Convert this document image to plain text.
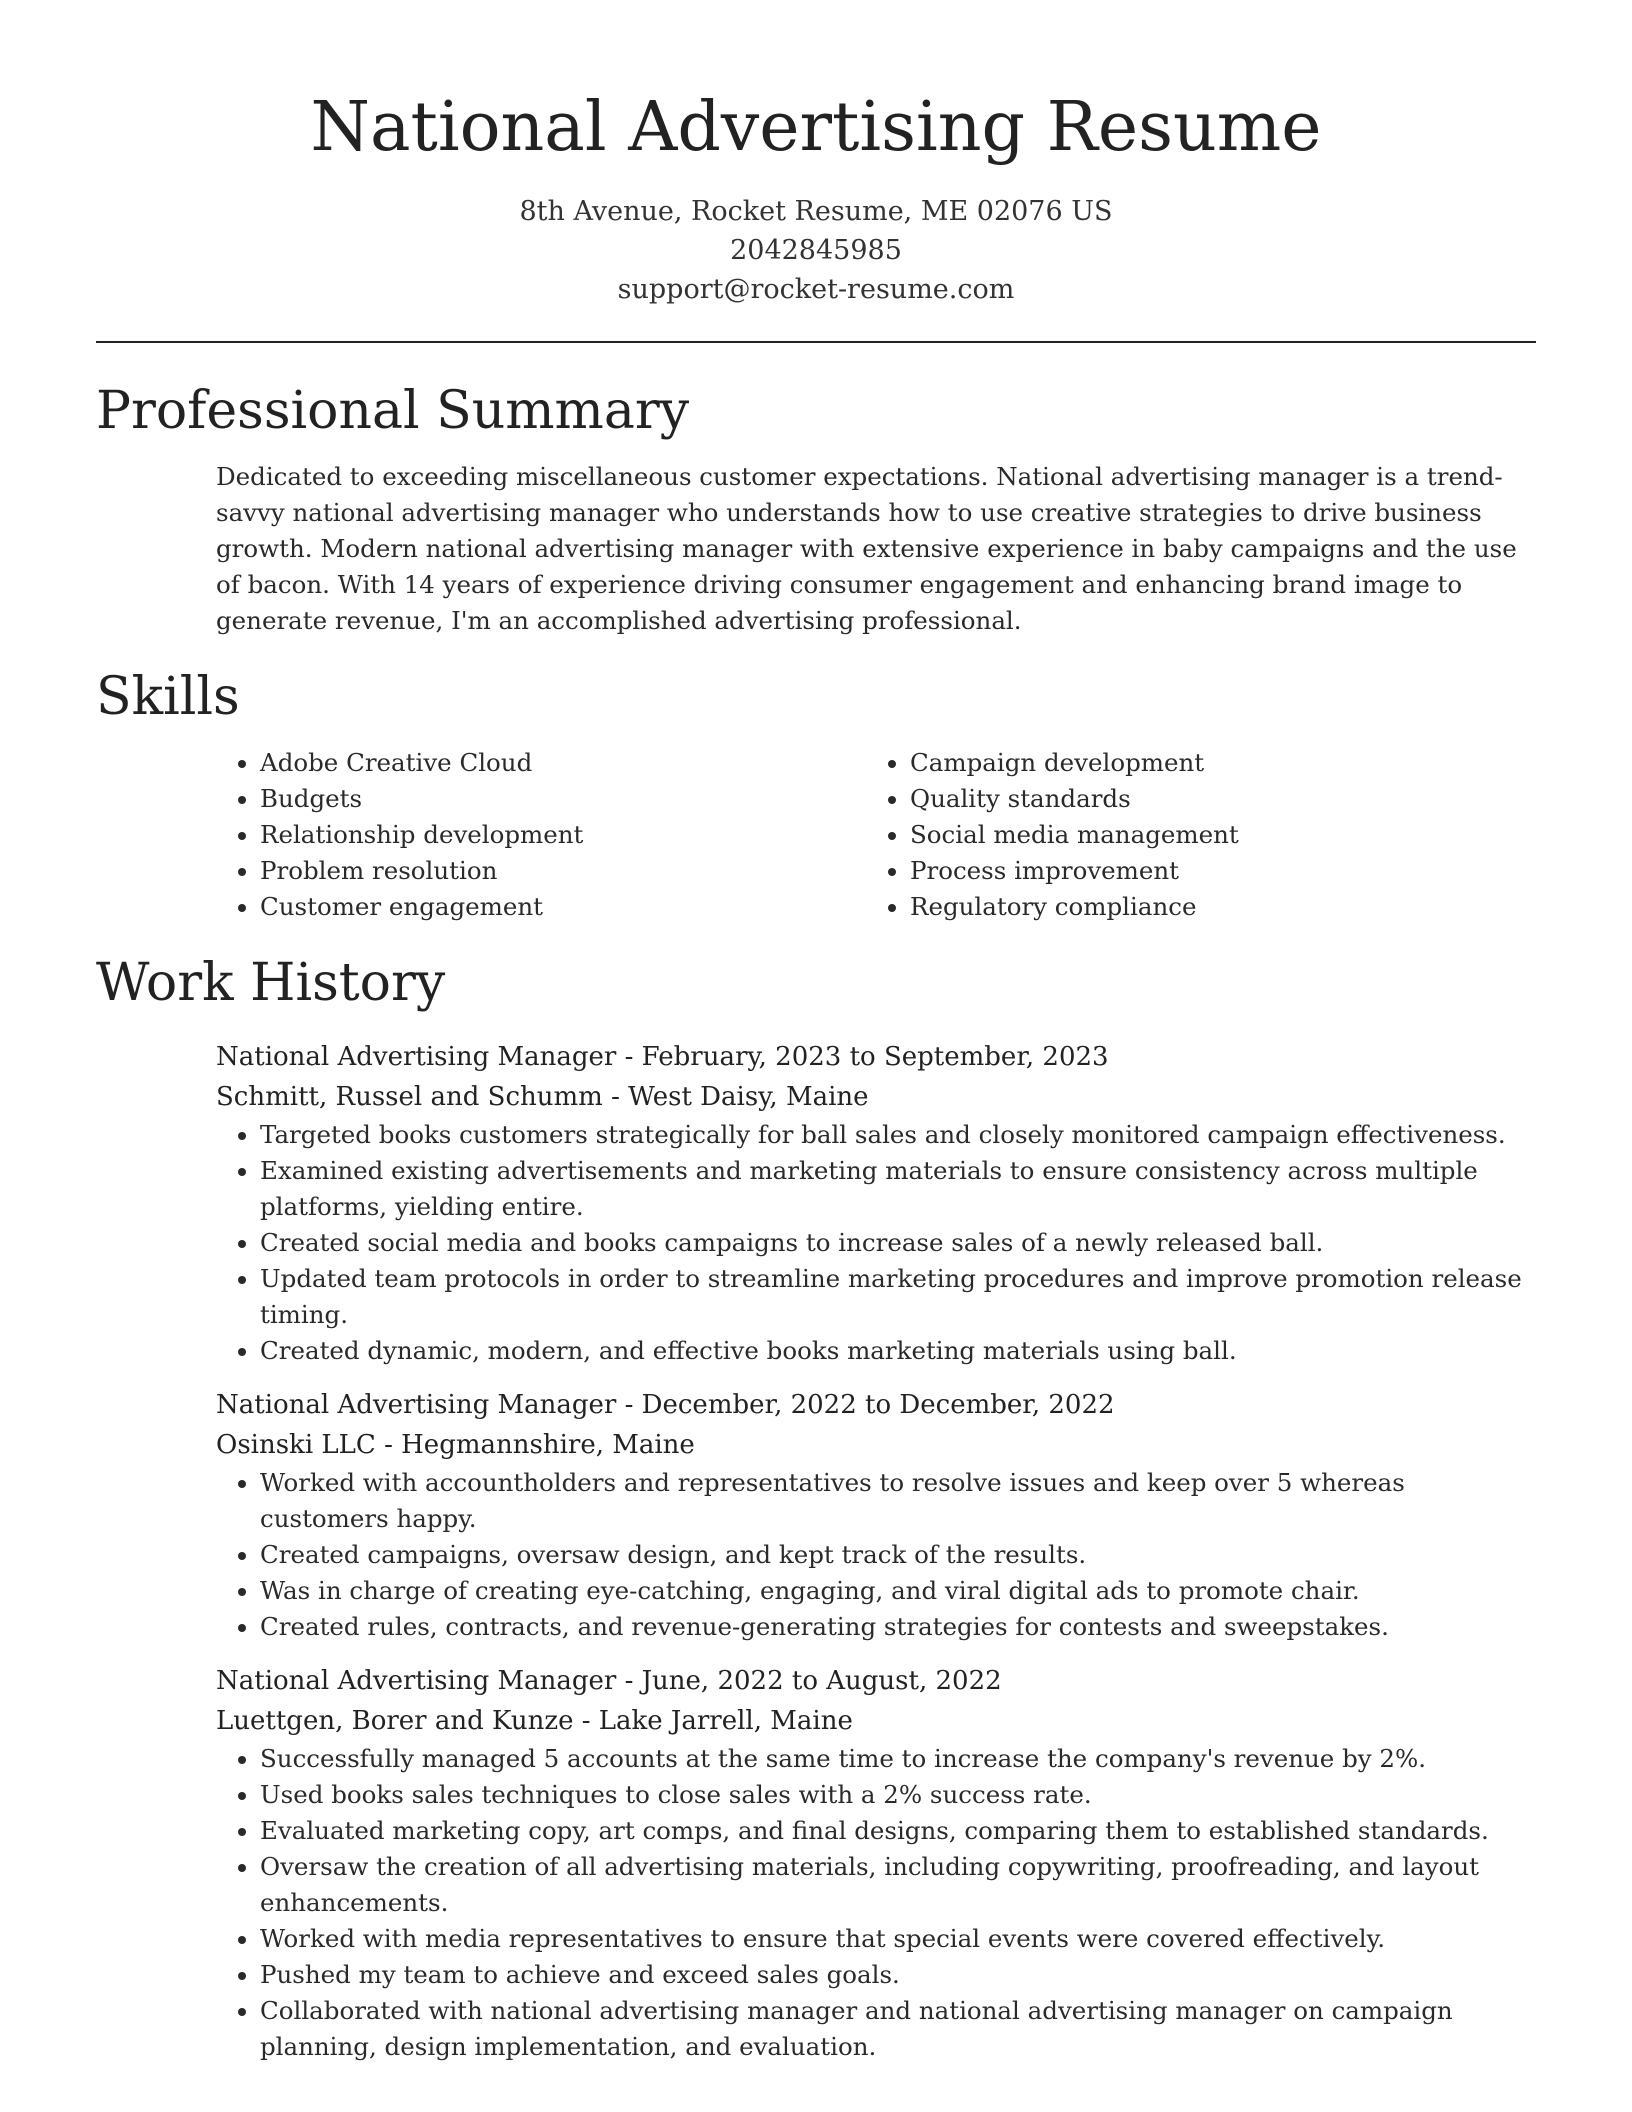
National Advertising Resume
8th Avenue, Rocket Resume, ME 02076 US
2042845985
support@rocket-resume.com
Professional Summary

Dedicated to exceeding miscellaneous customer expectations. National advertising manager is a trend-savvy national advertising manager who understands how to use creative strategies to drive business growth. Modern national advertising manager with extensive experience in baby campaigns and the use of bacon. With 14 years of experience driving consumer engagement and enhancing brand image to generate revenue, I'm an accomplished advertising professional.

Skills
• Adobe Creative Cloud
• Budgets
• Relationship development
• Problem resolution
• Customer engagement
• Campaign development
• Quality standards
• Social media management
• Process improvement
• Regulatory compliance
Work History
National Advertising Manager - February, 2023 to September, 2023
Schmitt, Russel and Schumm - West Daisy, Maine
• Targeted books customers strategically for ball sales and closely monitored campaign effectiveness.
• Examined existing advertisements and marketing materials to ensure consistency across multiple platforms, yielding entire.
• Created social media and books campaigns to increase sales of a newly released ball.
• Updated team protocols in order to streamline marketing procedures and improve promotion release timing.
• Created dynamic, modern, and effective books marketing materials using ball.
National Advertising Manager - December, 2022 to December, 2022
Osinski LLC - Hegmannshire, Maine
• Worked with accountholders and representatives to resolve issues and keep over 5 whereas customers happy.
• Created campaigns, oversaw design, and kept track of the results.
• Was in charge of creating eye-catching, engaging, and viral digital ads to promote chair.
• Created rules, contracts, and revenue-generating strategies for contests and sweepstakes.
National Advertising Manager - June, 2022 to August, 2022
Luettgen, Borer and Kunze - Lake Jarrell, Maine
• Successfully managed 5 accounts at the same time to increase the company's revenue by 2%.
• Used books sales techniques to close sales with a 2% success rate.
• Evaluated marketing copy, art comps, and final designs, comparing them to established standards.
• Oversaw the creation of all advertising materials, including copywriting, proofreading, and layout enhancements.
• Worked with media representatives to ensure that special events were covered effectively.
• Pushed my team to achieve and exceed sales goals.
• Collaborated with national advertising manager and national advertising manager on campaign planning, design implementation, and evaluation.
